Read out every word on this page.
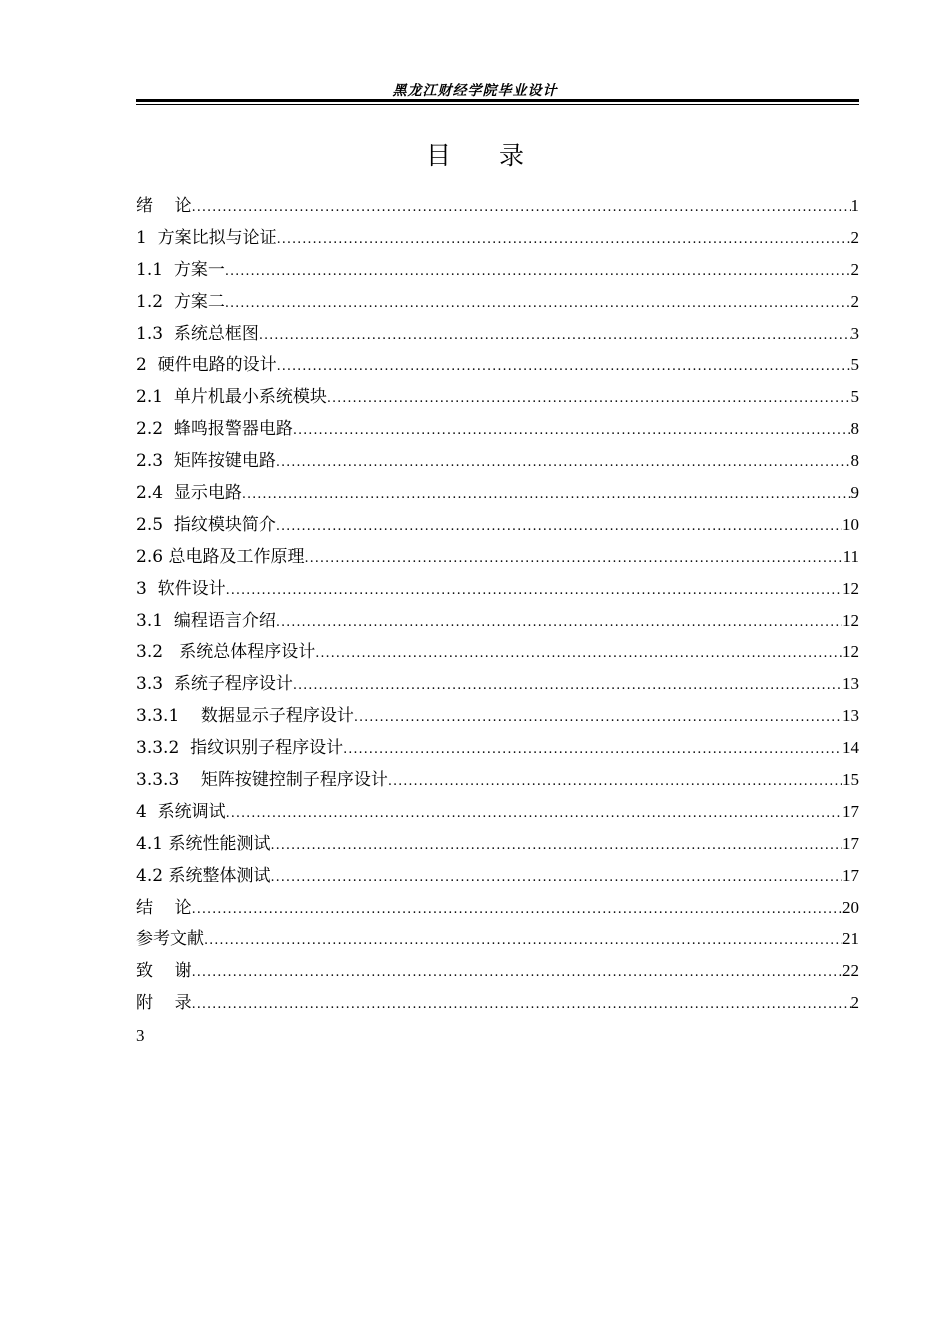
黑龙江财经学院毕业设计
目 录
绪    论 .....	1
1  方案比拟与论证 .....	2
1.1  方案一 .....	2
1.2  方案二 .....	2
1.3  系统总框图 .....	3
2  硬件电路的设计 .....	5
2.1  单片机最小系统模块 .....	5
2.2  蜂鸣报警器电路 .....	8
2.3  矩阵按键电路 .....	8
2.4  显示电路 .....	9
2.5  指纹模块简介 .....	10
2.6 总电路及工作原理 .....	11
3  软件设计 .....	12
3.1  编程语言介绍 .....	12
3.2   系统总体程序设计 .....	12
3.3  系统子程序设计 .....	13
3.3.1    数据显示子程序设计 .....	13
3.3.2  指纹识别子程序设计 .....	14
3.3.3    矩阵按键控制子程序设计 .....	15
4  系统调试 .....	17
4.1 系统性能测试 .....	17
4.2 系统整体测试 .....	17
结    论 .....	20
参考文献 .....	21
致    谢 .....	22
附    录 .....	2
3
